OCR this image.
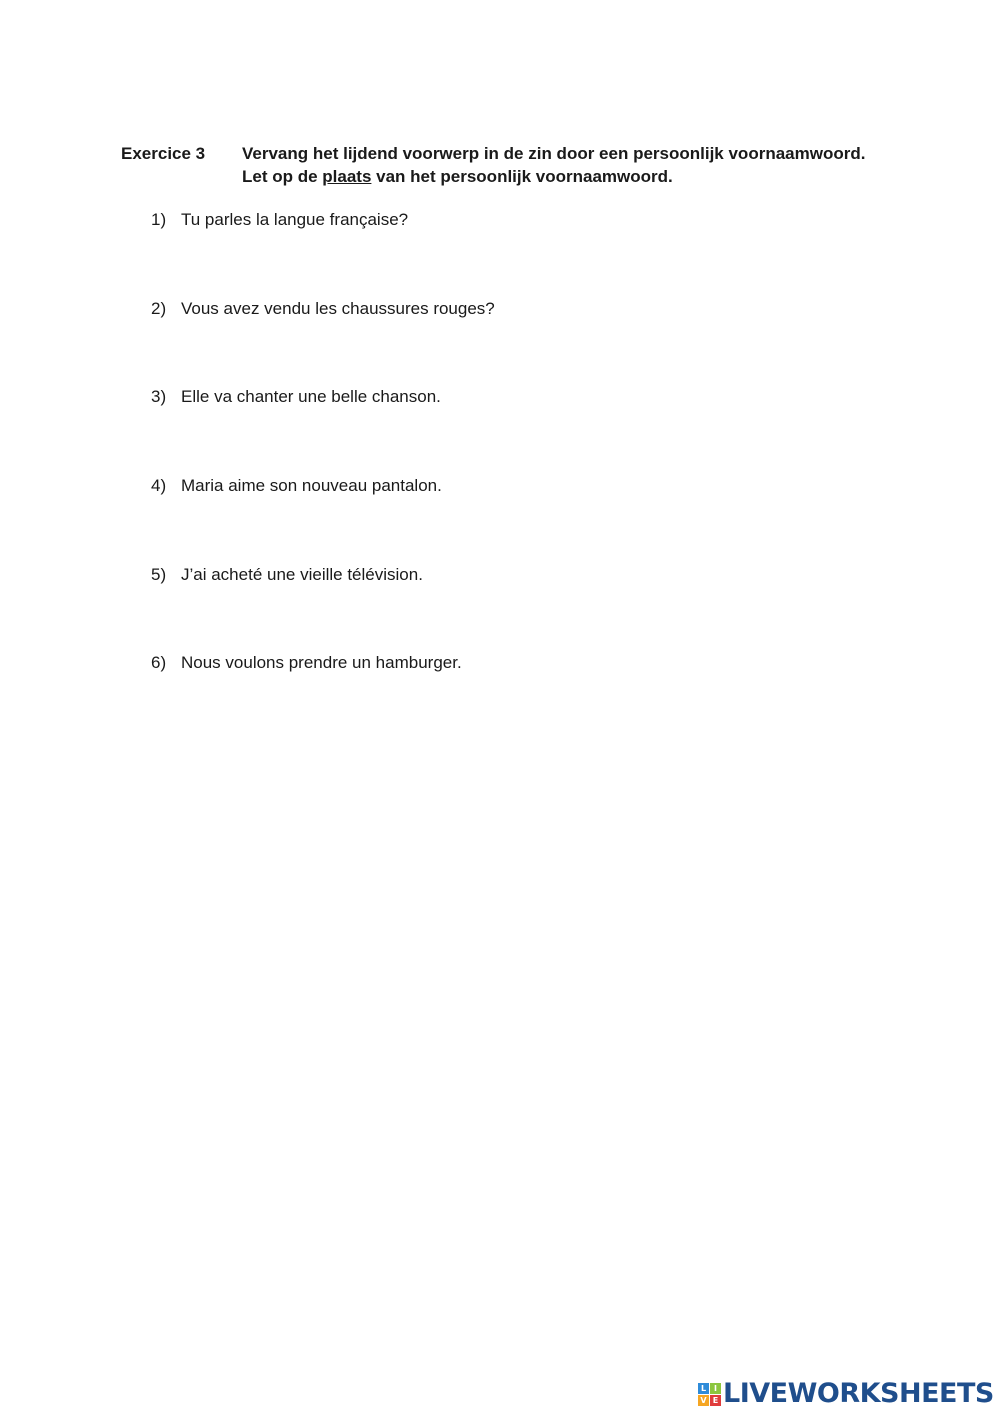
Exercice 3 Vervang het lijdend voorwerp in de zin door een persoonlijk voornaamwoord.
Let op de plaats van het persoonlijk voornaamwoord.
1) Tu parles la langue française?
2) Vous avez vendu les chaussures rouges?
3) Elle va chanter une belle chanson.
4) Maria aime son nouveau pantalon.
5) J’ai acheté une vieille télévision.
6) Nous voulons prendre un hamburger.
L I
V E LIVEWORKSHEETS
